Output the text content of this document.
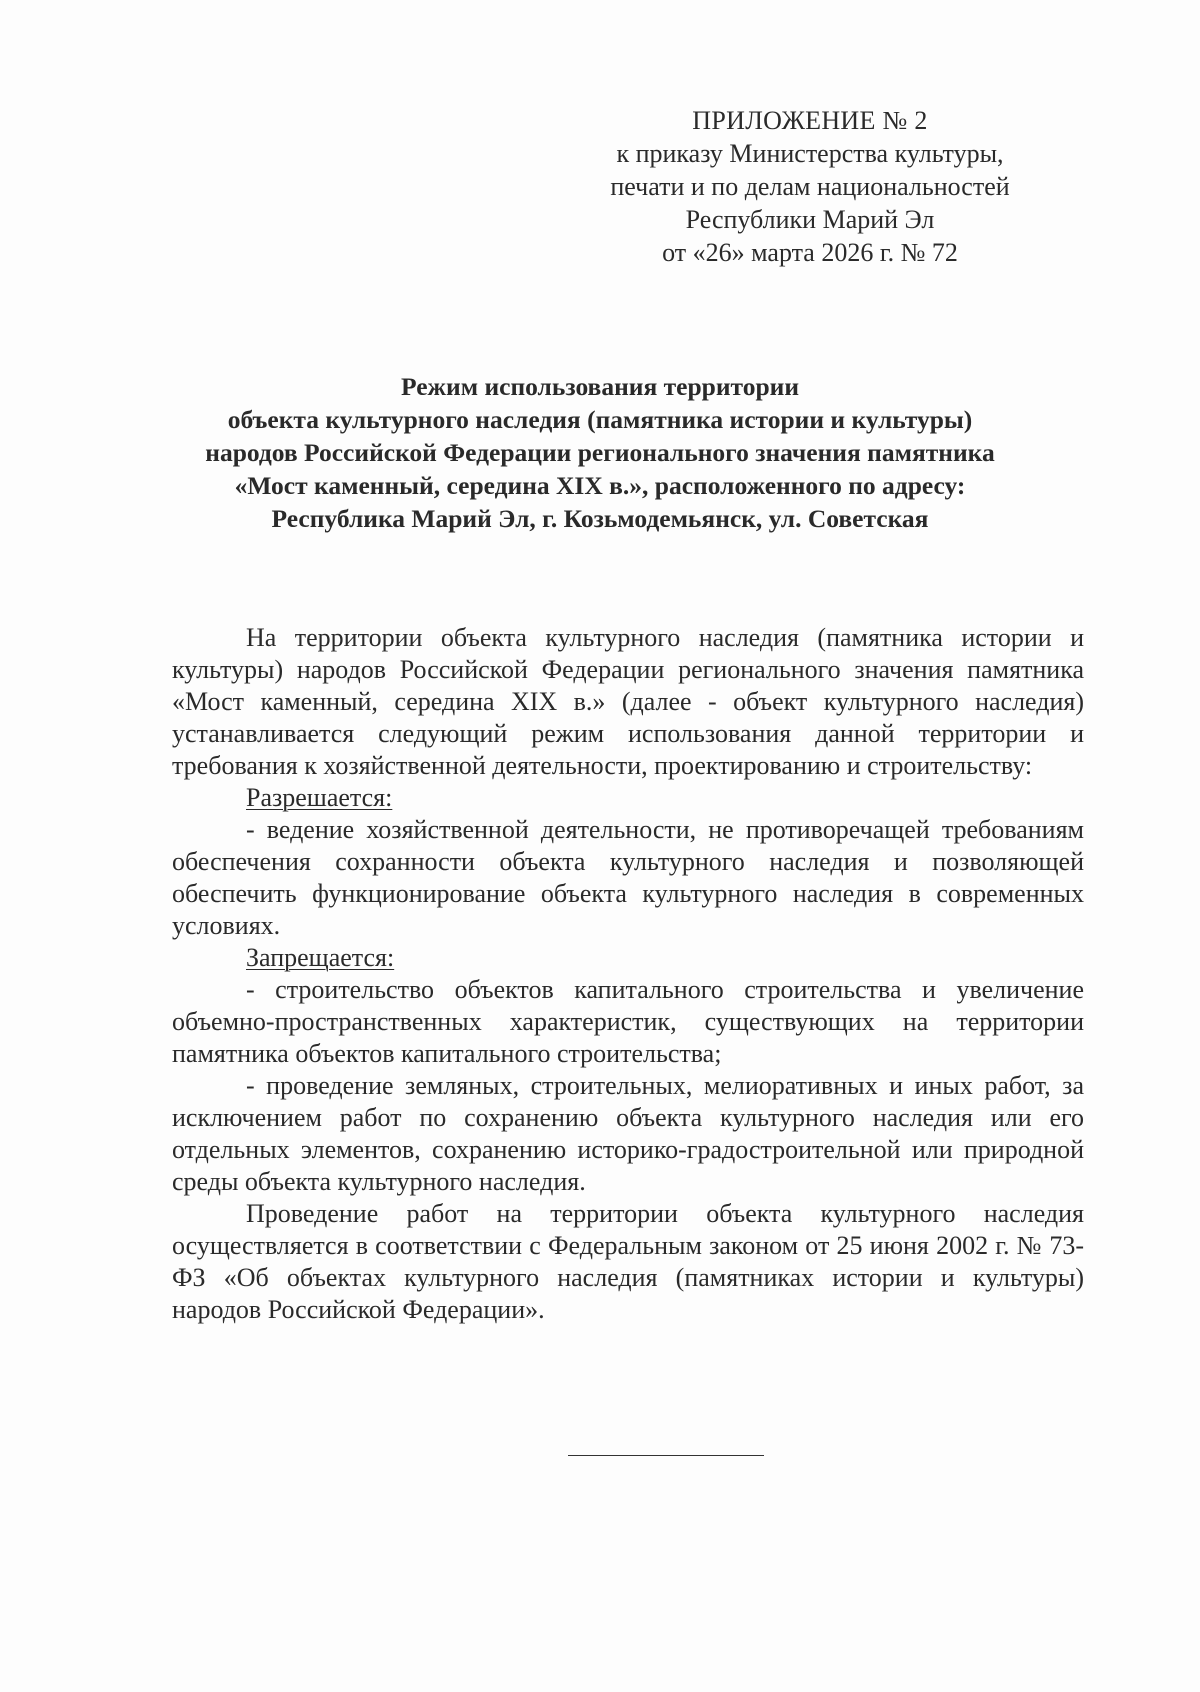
ПРИЛОЖЕНИЕ № 2
к приказу Министерства культуры,
печати и по делам национальностей
Республики Марий Эл
от «26» марта 2026 г. № 72
Режим использования территории
объекта культурного наследия (памятника истории и культуры)
народов Российской Федерации регионального значения памятника
«Мост каменный, середина XIX в.», расположенного по адресу:
Республика Марий Эл, г. Козьмодемьянск, ул. Советская

На территории объекта культурного наследия (памятника истории и культуры) народов Российской Федерации регионального значения памятника «Мост каменный, середина XIX в.» (далее - объект культурного наследия) устанавливается следующий режим использования данной территории и требования к хозяйственной деятельности, проектированию и строительству:

Разрешается:

- ведение хозяйственной деятельности, не противоречащей требованиям обеспечения сохранности объекта культурного наследия и позволяющей обеспечить функционирование объекта культурного наследия в современных условиях.

Запрещается:

- строительство объектов капитального строительства и увеличение объемно-пространственных характеристик, существующих на территории памятника объектов капитального строительства;

- проведение земляных, строительных, мелиоративных и иных работ, за исключением работ по сохранению объекта культурного наследия или его отдельных элементов, сохранению историко-градостроительной или природной среды объекта культурного наследия.

Проведение работ на территории объекта культурного наследия осуществляется в соответствии с Федеральным законом от 25 июня 2002 г. № 73-ФЗ «Об объектах культурного наследия (памятниках истории и культуры) народов Российской Федерации».
